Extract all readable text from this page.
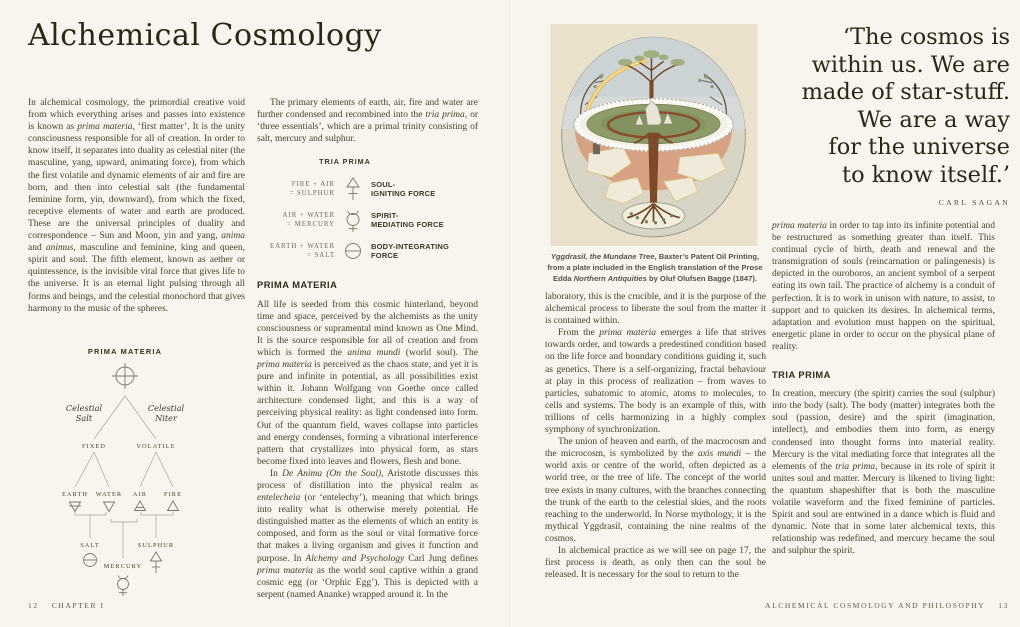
Alchemical Cosmology

In alchemical cosmology, the primordial creative void from which everything arises and passes into existence is known as prima materia, ‘first matter’. It is the unity consciousness responsible for all of creation. In order to know itself, it separates into duality as celestial niter (the masculine, yang, upward, animating force), from which the first volatile and dynamic elements of air and fire are born, and then into celestial salt (the fundamental feminine form, yin, downward), from which the fixed, receptive elements of water and earth are produced. These are the universal principles of duality and correspondence – Sun and Moon, yin and yang, anima and animus, masculine and feminine, king and queen, spirit and soul. The fifth element, known as aether or quintessence, is the invisible vital force that gives life to the universe. It is an eternal light pulsing through all forms and beings, and the celestial monochord that gives harmony to the music of the spheres.

PRIMA MATERIA
Celestial
Salt
Celestial
Niter
FIXED	VOLATILE
EARTH WATER AIR	FIRE
SALT	SULPHUR
MERCURY

The primary elements of earth, air, fire and water are further condensed and recombined into the tria prima, or ‘three essentials’, which are a primal trinity consisting of salt, mercury and sulphur.

TRIA PRIMA
FIRE + AIR
= SULPHUR
SOUL-
IGNITING FORCE
AIR + WATER
= MERCURY
SPIRIT-
MEDIATING FORCE
EARTH + WATER
= SALT
BODY-INTEGRATING
FORCE
PRIMA MATERIA

All life is seeded from this cosmic hinterland, beyond time and space, perceived by the alchemists as the unity consciousness or supramental mind known as One Mind. It is the source responsible for all of creation and from which is formed the anima mundi (world soul). The prima materia is perceived as the chaos state, and yet it is pure and infinite in potential, as all possibilities exist within it. Johann Wolfgang von Goethe once called architecture condensed light, and this is a way of perceiving physical reality: as light condensed into form. Out of the quantum field, waves collapse into particles and energy condenses, forming a vibrational interference pattern that crystallizes into physical form, as stars become fixed into leaves and flowers, flesh and bone.

In De Anima (On the Soul), Aristotle discusses this process of distillation into the physical realm as entelecheia (or ‘entelechy’), meaning that which brings into reality what is otherwise merely potential. He distinguished matter as the elements of which an entity is composed, and form as the soul or vital formative force that makes a living organism and gives it function and purpose. In Alchemy and Psychology Carl Jung defines prima materia as the world soul captive within a grand cosmic egg (or ‘Orphic Egg’). This is depicted with a serpent (named Ananke) wrapped around it. In the

12 CHAPTER I
Yggdrasil, the Mundane Tree, Baxter’s Patent Oil Printing, from a plate included in the English translation of the Prose Edda Northern Antiquities by Oluf Olufsen Bagge (1847).

laboratory, this is the crucible, and it is the purpose of the alchemical process to liberate the soul from the matter it is contained within.

From the prima materia emerges a life that strives towards order, and towards a predestined condition based on the life force and boundary conditions guiding it, such as genetics. There is a self-organizing, fractal behaviour at play in this process of realization – from waves to particles, subatomic to atomic, atoms to molecules, to cells and systems. The body is an example of this, with trillions of cells harmonizing in a highly complex symphony of synchronization.

The union of heaven and earth, of the macrocosm and the microcosm, is symbolized by the axis mundi – the world axis or centre of the world, often depicted as a world tree, or the tree of life. The concept of the world tree exists in many cultures, with the branches connecting the trunk of the earth to the celestial skies, and the roots reaching to the underworld. In Norse mythology, it is the mythical Yggdrasil, containing the nine realms of the cosmos.

In alchemical practice as we will see on page 17, the first process is death, as only then can the soul be released. It is necessary for the soul to return to the

‘The cosmos is
within us. We are
made of star-stuff.
We are a way
for the universe
to know itself.’

CARL SAGAN

prima materia in order to tap into its infinite potential and be restructured as something greater than itself. This continual cycle of birth, death and renewal and the transmigration of souls (reincarnation or palingenesis) is depicted in the ouroboros, an ancient symbol of a serpent eating its own tail. The practice of alchemy is a conduit of perfection. It is to work in unison with nature, to assist, to support and to quicken its desires. In alchemical terms, adaptation and evolution must happen on the spiritual, energetic plane in order to occur on the physical plane of reality.

TRIA PRIMA

In creation, mercury (the spirit) carries the soul (sulphur) into the body (salt). The body (matter) integrates both the soul (passion, desire) and the spirit (imagination, intellect), and embodies them into form, as energy condensed into thought forms into material reality. Mercury is the vital mediating force that integrates all the elements of the tria prima, because in its role of spirit it unites soul and matter. Mercury is likened to living light: the quantum shapeshifter that is both the masculine volatile waveform and the fixed feminine of particles. Spirit and soul are entwined in a dance which is fluid and dynamic. Note that in some later alchemical texts, this relationship was redefined, and mercury became the soul and sulphur the spirit.

ALCHEMICAL COSMOLOGY AND PHILOSOPHY 13
